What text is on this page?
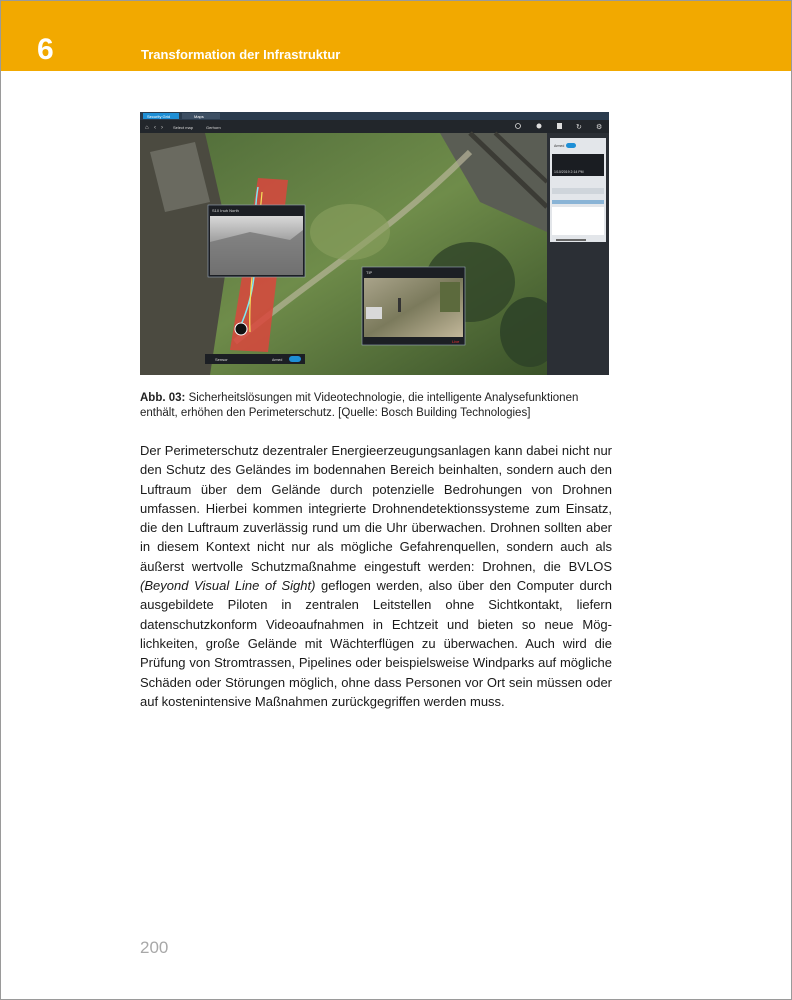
6	Transformation der Infrastruktur
Security Grid	Maps
⌂ ‹ ›	Select map	Gerhorn	↻ ⚙
S10 Inuh North
TIP
Live
Armed
1/10/2019 2:14 PM
Sensor	Armed
Abb. 03: Sicherheitslösungen mit Videotechnologie, die intelligente Analysefunktionen enthält, erhöhen den Perimeterschutz. [Quelle: Bosch Building Technologies]

Der Perimeterschutz dezentraler Energieerzeugungsanlagen kann dabei nicht nur den Schutz des Geländes im bodennahen Bereich beinhalten, sondern auch den Luftraum über dem Gelände durch potenzielle Bedrohungen von Drohnen umfassen. Hierbei kommen integrierte Drohnendetektionssysteme zum Einsatz, die den Luftraum zuverlässig rund um die Uhr überwachen. Drohnen sollten aber in diesem Kontext nicht nur als mögliche Gefahrenquellen, sondern auch als äußerst wertvolle Schutzmaßnahme eingestuft werden: Drohnen, die BVLOS (Beyond Visual Line of Sight) geflogen werden, also über den Computer durch ausgebildete Piloten in zentralen Leitstellen ohne Sichtkontakt, liefern datenschutzkonform Videoaufnahmen in Echtzeit und bieten so neue Möglichkeiten, große Gelände mit Wächterflügen zu überwachen. Auch wird die Prüfung von Stromtrassen, Pipelines oder beispielsweise Windparks auf mögliche Schäden oder Störungen möglich, ohne dass Personen vor Ort sein müssen oder auf kostenintensive Maßnahmen zurückgegriffen werden muss.

200
